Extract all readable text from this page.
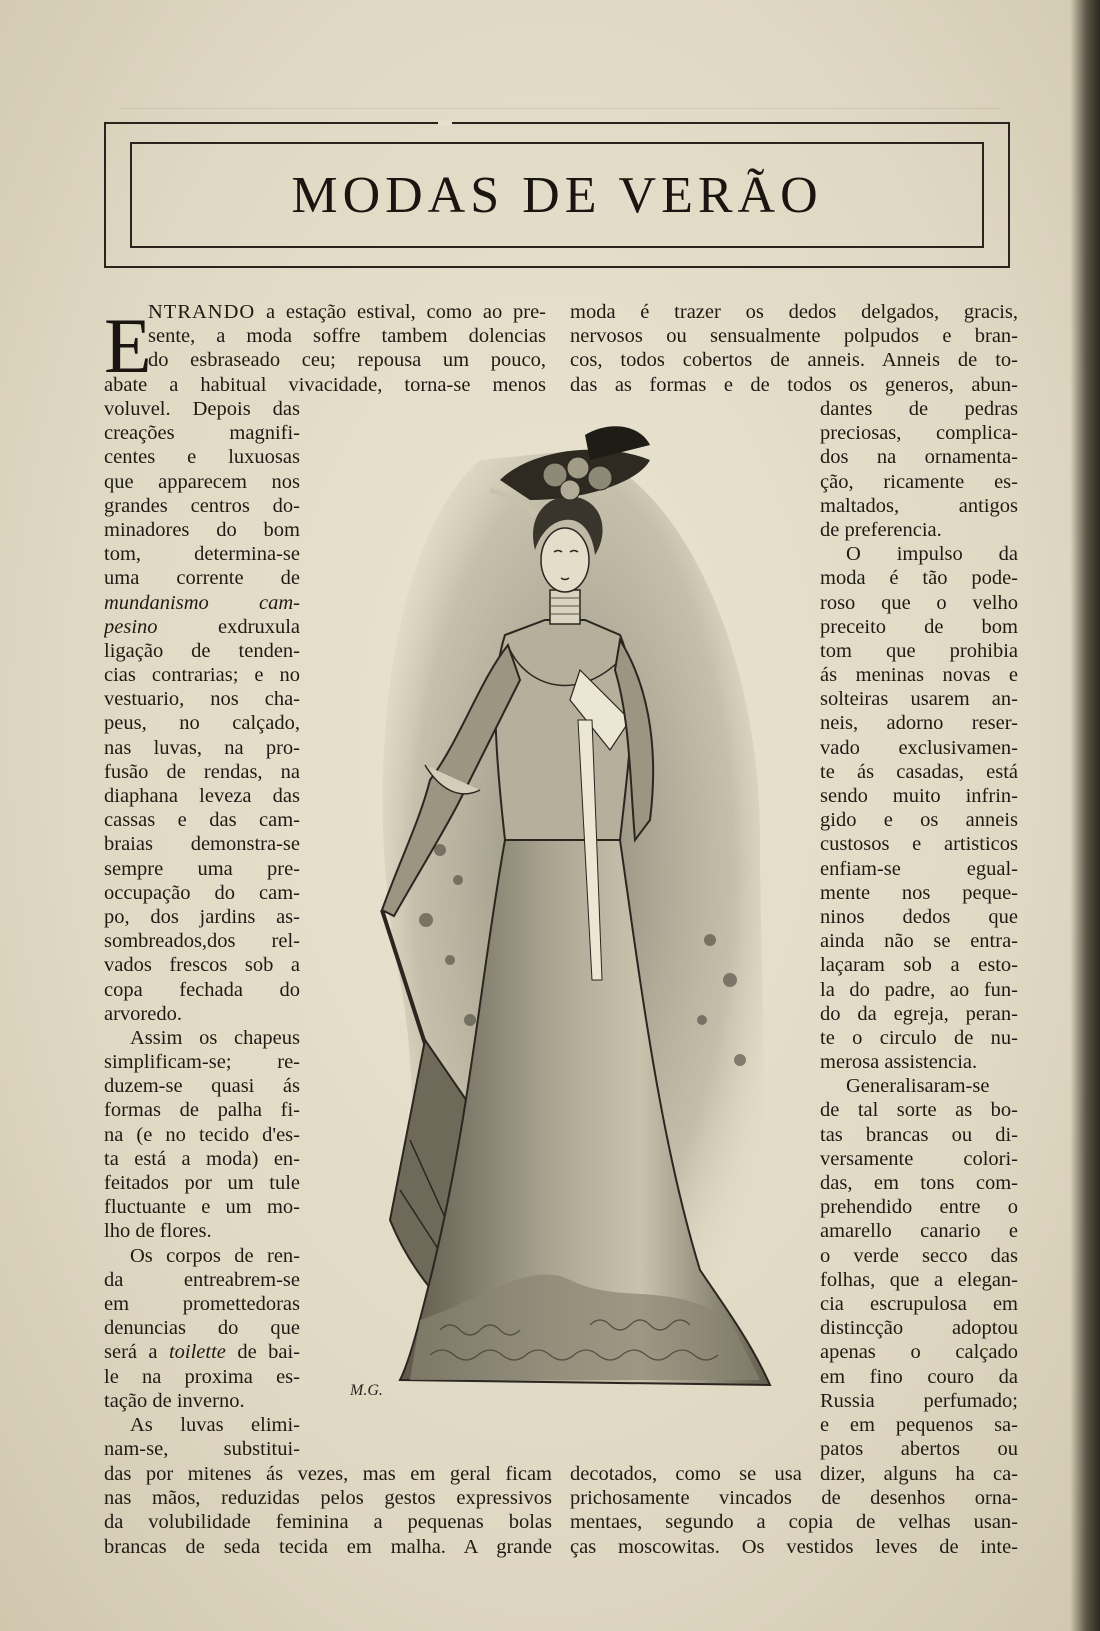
MODAS DE VERÃO
E
NTRANDO a estação estival, como ao pre-
sente, a moda soffre tambem dolencias
do esbraseado ceu; repousa um pouco,
abate a habitual vivacidade, torna-se menos
voluvel. Depois das
creações magnifi-
centes e luxuosas
que apparecem nos
grandes centros do-
minadores do bom
tom, determina-se
uma corrente de
mundanismo cam-
pesino exdruxula
ligação de tenden-
cias contrarias; e no
vestuario, nos cha-
peus, no calçado,
nas luvas, na pro-
fusão de rendas, na
diaphana leveza das
cassas e das cam-
braias demonstra-se
sempre uma pre-
occupação do cam-
po, dos jardins as-
sombreados,dos rel-
vados frescos sob a
copa fechada do
arvoredo.
Assim os chapeus
simplificam-se; re-
duzem-se quasi ás
formas de palha fi-
na (e no tecido d'es-
ta está a moda) en-
feitados por um tule
fluctuante e um mo-
lho de flores.
Os corpos de ren-
da entreabrem-se
em promettedoras
denuncias do que
será a toilette de bai-
le na proxima es-
tação de inverno.
As luvas elimi-
nam-se, substitui-
das por mitenes ás vezes, mas em geral ficam
nas mãos, reduzidas pelos gestos expressivos
da volubilidade feminina a pequenas bolas
brancas de seda tecida em malha. A grande
moda é trazer os dedos delgados, gracis,
nervosos ou sensualmente polpudos e bran-
cos, todos cobertos de anneis. Anneis de to-
das as formas e de todos os generos, abun-
dantes de pedras
preciosas, complica-
dos na ornamenta-
ção, ricamente es-
maltados, antigos
de preferencia.
O impulso da
moda é tão pode-
roso que o velho
preceito de bom
tom que prohibia
ás meninas novas e
solteiras usarem an-
neis, adorno reser-
vado exclusivamen-
te ás casadas, está
sendo muito infrin-
gido e os anneis
custosos e artisticos
enfiam-se egual-
mente nos peque-
ninos dedos que
ainda não se entra-
laçaram sob a esto-
la do padre, ao fun-
do da egreja, peran-
te o circulo de nu-
merosa assistencia.
Generalisaram-se
de tal sorte as bo-
tas brancas ou di-
versamente colori-
das, em tons com-
prehendido entre o
amarello canario e
o verde secco das
folhas, que a elegan-
cia escrupulosa em
distincção adoptou
apenas o calçado
em fino couro da
Russia perfumado;
e em pequenos sa-
patos abertos ou
decotados, como se usa dizer, alguns ha ca-
prichosamente vincados de desenhos orna-
mentaes, segundo a copia de velhas usan-
ças moscowitas. Os vestidos leves de inte-
M.G.
